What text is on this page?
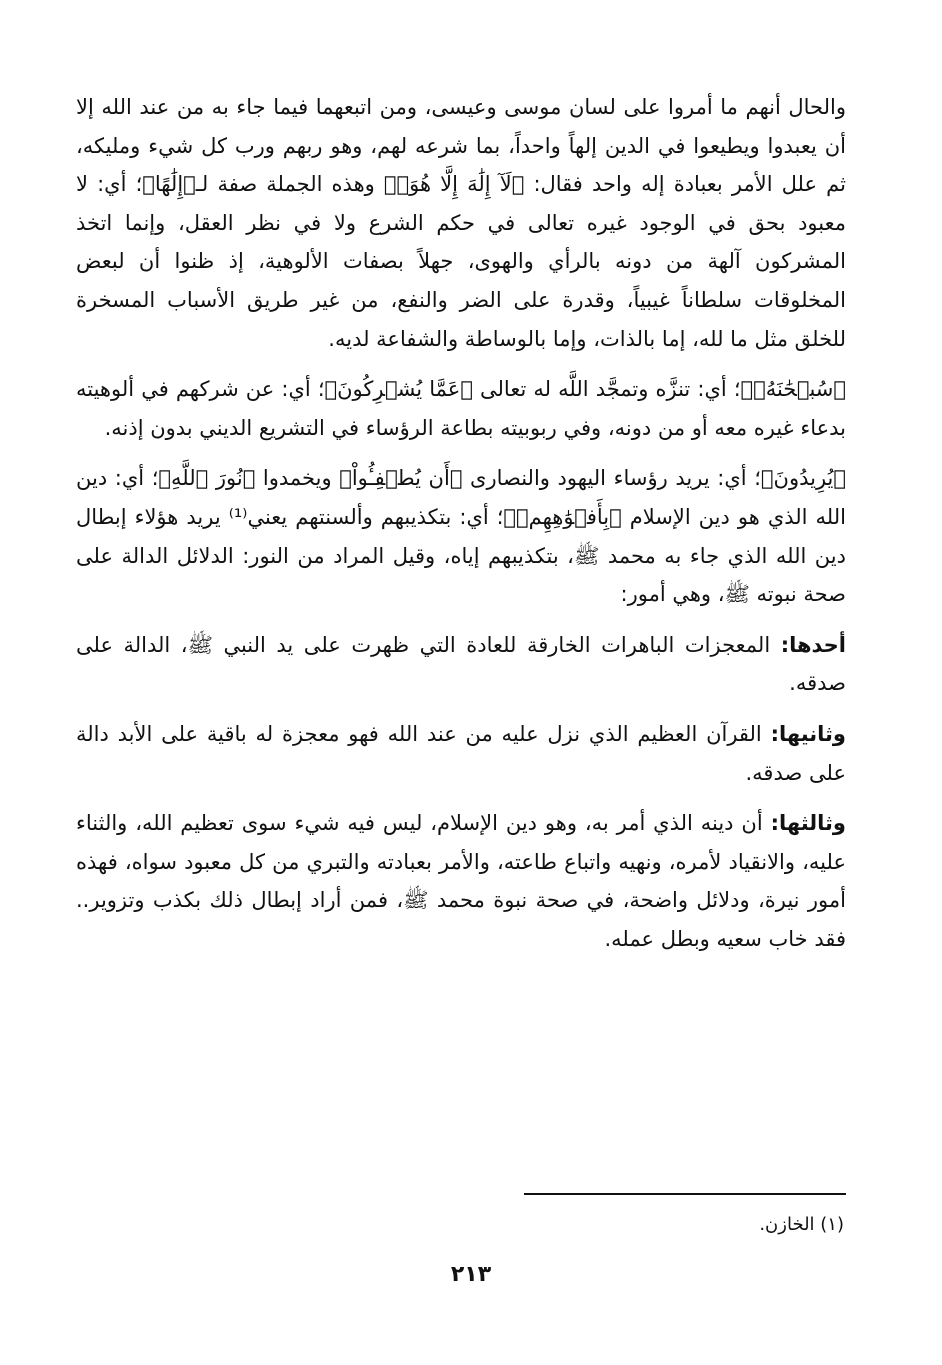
والحال أنهم ما أمروا على لسان موسى وعيسى، ومن اتبعهما فيما جاء به من عند الله إلا أن يعبدوا ويطيعوا في الدين إلهاً واحداً، بما شرعه لهم، وهو ربهم ورب كل شيء ومليكه، ثم علل الأمر بعبادة إله واحد فقال: ﴿لَآ إِلَٰهَ إِلَّا هُوَۚ﴾ وهذه الجملة صفة لـ﴿إِلَٰهًا﴾؛ أي: لا معبود بحق في الوجود غيره تعالى في حكم الشرع ولا في نظر العقل، وإنما اتخذ المشركون آلهة من دونه بالرأي والهوى، جهلاً بصفات الألوهية، إذ ظنوا أن لبعض المخلوقات سلطاناً غيبياً، وقدرة على الضر والنفع، من غير طريق الأسباب المسخرة للخلق مثل ما لله، إما بالذات، وإما بالوساطة والشفاعة لديه.

﴿سُبۡحَٰنَهُۥ﴾؛ أي: تنزَّه وتمجَّد اللَّه له تعالى ﴿عَمَّا يُشۡرِكُونَ﴾؛ أي: عن شركهم في ألوهيته بدعاء غيره معه أو من دونه، وفي ربوبيته بطاعة الرؤساء في التشريع الديني بدون إذنه.

﴿يُرِيدُونَ﴾؛ أي: يريد رؤساء اليهود والنصارى ﴿أَن يُطۡفِـُٔواْ﴾ ويخمدوا ﴿نُورَ ٱللَّهِ﴾؛ أي: دين الله الذي هو دين الإسلام ﴿بِأَفۡوَٰهِهِمۡ﴾؛ أي: بتكذيبهم وألسنتهم يعني⁽¹⁾ يريد هؤلاء إبطال دين الله الذي جاء به محمد ﷺ، بتكذيبهم إياه، وقيل المراد من النور: الدلائل الدالة على صحة نبوته ﷺ، وهي أمور:

أحدها: المعجزات الباهرات الخارقة للعادة التي ظهرت على يد النبي ﷺ، الدالة على صدقه.

وثانيها: القرآن العظيم الذي نزل عليه من عند الله فهو معجزة له باقية على الأبد دالة على صدقه.

وثالثها: أن دينه الذي أمر به، وهو دين الإسلام، ليس فيه شيء سوى تعظيم الله، والثناء عليه، والانقياد لأمره، ونهيه واتباع طاعته، والأمر بعبادته والتبري من كل معبود سواه، فهذه أمور نيرة، ودلائل واضحة، في صحة نبوة محمد ﷺ، فمن أراد إبطال ذلك بكذب وتزوير.. فقد خاب سعيه وبطل عمله.

(١) الخازن.
٢١٣
